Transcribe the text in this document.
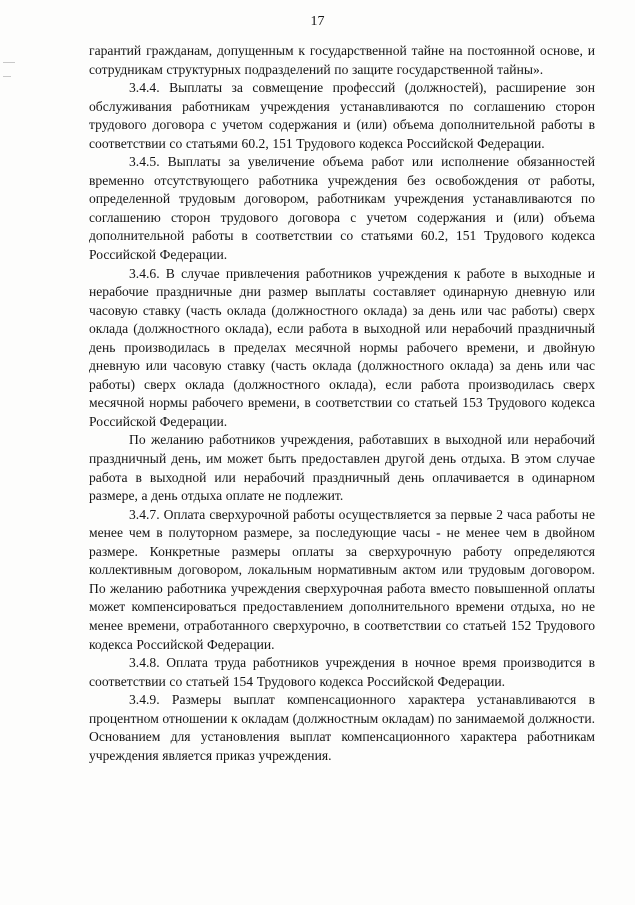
17

гарантий гражданам, допущенным к государственной тайне на постоянной основе, и сотрудникам структурных подразделений по защите государственной тайны».

3.4.4. Выплаты за совмещение профессий (должностей), расширение зон обслуживания работникам учреждения устанавливаются по соглашению сторон трудового договора с учетом содержания и (или) объема дополнительной работы в соответствии со статьями 60.2, 151 Трудового кодекса Российской Федерации.

3.4.5. Выплаты за увеличение объема работ или исполнение обязанностей временно отсутствующего работника учреждения без освобождения от работы, определенной трудовым договором, работникам учреждения устанавливаются по соглашению сторон трудового договора с учетом содержания и (или) объема дополнительной работы в соответствии со статьями 60.2, 151 Трудового кодекса Российской Федерации.

3.4.6. В случае привлечения работников учреждения к работе в выходные и нерабочие праздничные дни размер выплаты составляет одинарную дневную или часовую ставку (часть оклада (должностного оклада) за день или час работы) сверх оклада (должностного оклада), если работа в выходной или нерабочий праздничный день производилась в пределах месячной нормы рабочего времени, и двойную дневную или часовую ставку (часть оклада (должностного оклада) за день или час работы) сверх оклада (должностного оклада), если работа производилась сверх месячной нормы рабочего времени, в соответствии со статьей 153 Трудового кодекса Российской Федерации.

По желанию работников учреждения, работавших в выходной или нерабочий праздничный день, им может быть предоставлен другой день отдыха. В этом случае работа в выходной или нерабочий праздничный день оплачивается в одинарном размере, а день отдыха оплате не подлежит.

3.4.7. Оплата сверхурочной работы осуществляется за первые 2 часа работы не менее чем в полуторном размере, за последующие часы - не менее чем в двойном размере. Конкретные размеры оплаты за сверхурочную работу определяются коллективным договором, локальным нормативным актом или трудовым договором. По желанию работника учреждения сверхурочная работа вместо повышенной оплаты может компенсироваться предоставлением дополнительного времени отдыха, но не менее времени, отработанного сверхурочно, в соответствии со статьей 152 Трудового кодекса Российской Федерации.

3.4.8. Оплата труда работников учреждения в ночное время производится в соответствии со статьей 154 Трудового кодекса Российской Федерации.

3.4.9. Размеры выплат компенсационного характера устанавливаются в процентном отношении к окладам (должностным окладам) по занимаемой должности. Основанием для установления выплат компенсационного характера работникам учреждения является приказ учреждения.
